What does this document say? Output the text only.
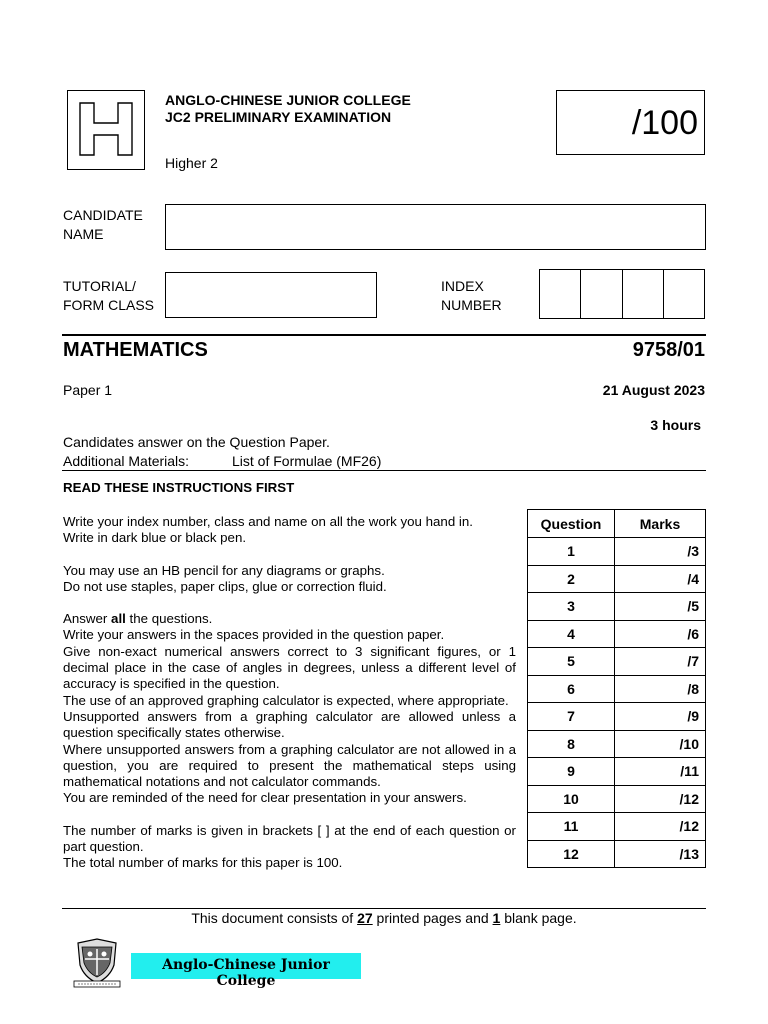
ANGLO-CHINESE JUNIOR COLLEGE
JC2 PRELIMINARY EXAMINATION
Higher 2
/100
CANDIDATE
NAME
TUTORIAL/
FORM CLASS
INDEX
NUMBER
MATHEMATICS	9758/01
Paper 1	21 August 2023
3 hours
Candidates answer on the Question Paper.
Additional Materials:	List of Formulae (MF26)
READ THESE INSTRUCTIONS FIRST

Write your index number, class and name on all the work you hand in.

Write in dark blue or black pen.

You may use an HB pencil for any diagrams or graphs.

Do not use staples, paper clips, glue or correction fluid.

Answer all the questions.

Write your answers in the spaces provided in the question paper.

Give non-exact numerical answers correct to 3 significant figures, or 1 decimal place in the case of angles in degrees, unless a different level of accuracy is specified in the question.

The use of an approved graphing calculator is expected, where appropriate.

Unsupported answers from a graphing calculator are allowed unless a question specifically states otherwise.

Where unsupported answers from a graphing calculator are not allowed in a question, you are required to present the mathematical steps using mathematical notations and not calculator commands.

You are reminded of the need for clear presentation in your answers.

The number of marks is given in brackets [ ] at the end of each question or part question.

The total number of marks for this paper is 100.

Question	Marks
1	/3
2	/4
3	/5
4	/6
5	/7
6	/8
7	/9
8	/10
9	/11
10	/12
11	/12
12	/13
This document consists of 27 printed pages and 1 blank page.
Anglo-Chinese Junior College
